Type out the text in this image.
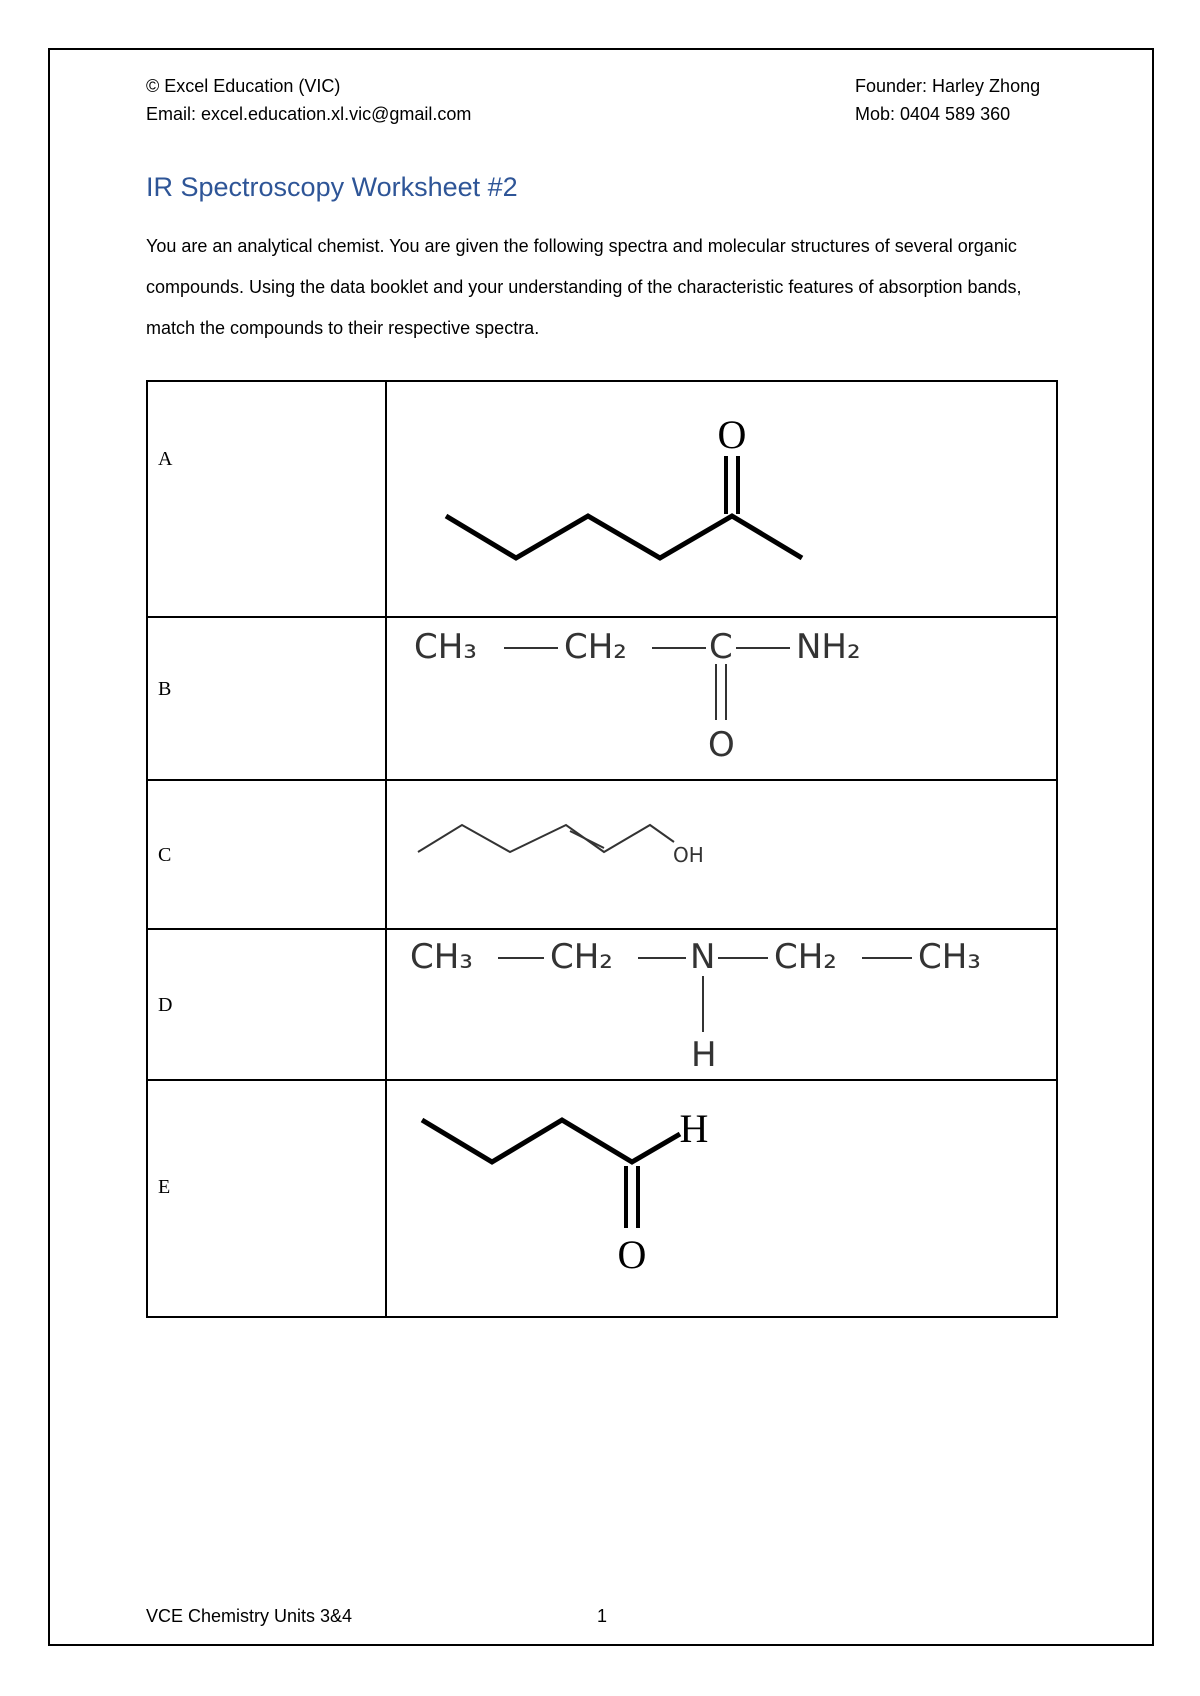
© Excel Education (VIC)
Email: excel.education.xl.vic@gmail.com
Founder: Harley Zhong
Mob: 0404 589 360
IR Spectroscopy Worksheet #2
You are an analytical chemist. You are given the following spectra and molecular structures of several organic compounds. Using the data booklet and your understanding of the characteristic features of absorption bands, match the compounds to their respective spectra.
O
CH₃	CH₂ C NH₂
O
OH
CH₃ CH₂ N CH₂ CH₃
H
H
O
A
B
C
D
E
VCE Chemistry Units 3&4	1
